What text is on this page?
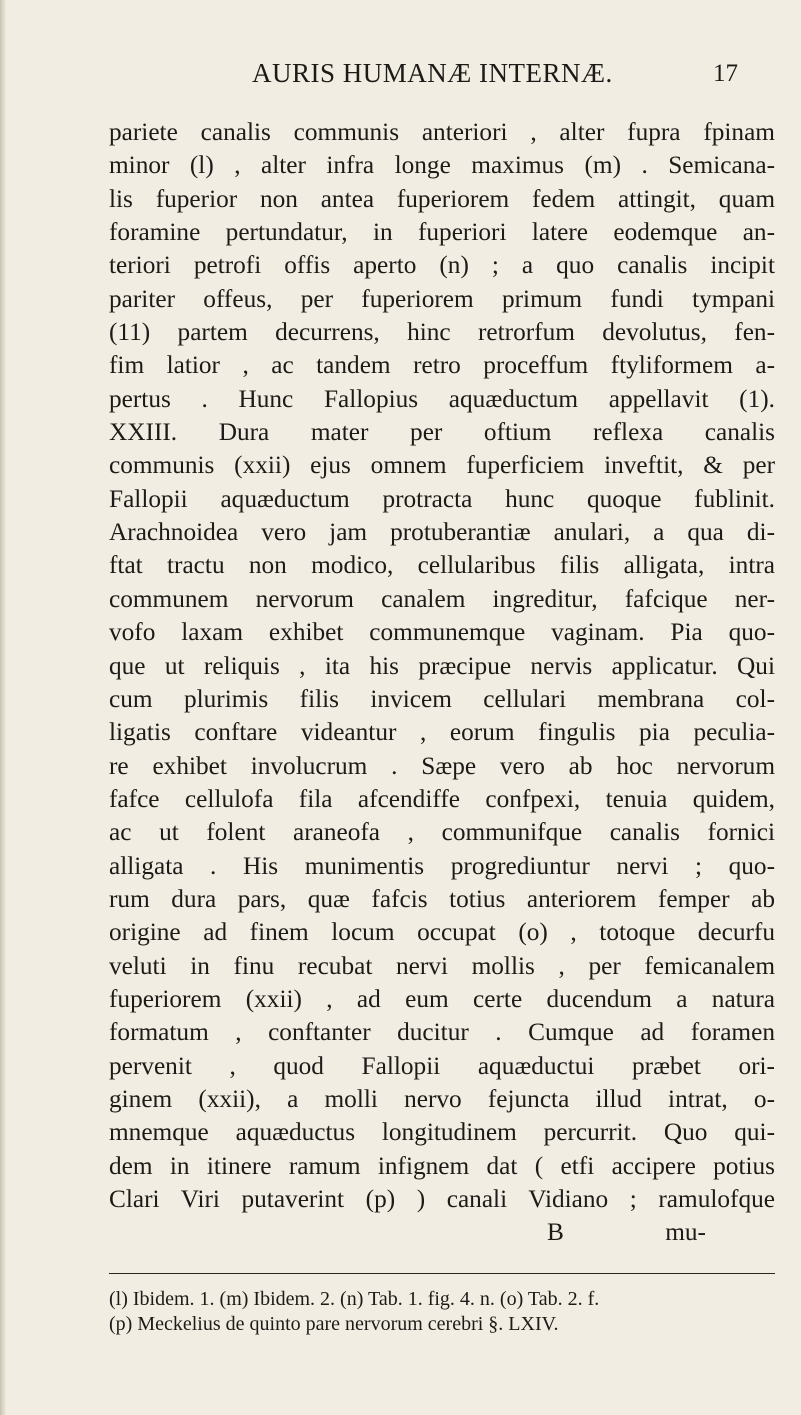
AURIS HUMANÆ INTERNÆ.	17
pariete canalis communis anteriori , alter fupra fpinam
minor (l) , alter infra longe maximus (m) . Semicana-
lis fuperior non antea fuperiorem fedem attingit, quam
foramine pertundatur, in fuperiori latere eodemque an-
teriori petrofi offis aperto (n) ; a quo canalis incipit
pariter offeus, per fuperiorem primum fundi tympani
(11) partem decurrens, hinc retrorfum devolutus, fen-
fim latior , ac tandem retro proceffum ftyliformem a-
pertus . Hunc Fallopius aquæductum appellavit (1).
XXIII. Dura mater per oftium reflexa canalis
communis (xxii) ejus omnem fuperficiem inveftit, & per
Fallopii aquæductum protracta hunc quoque fublinit.
Arachnoidea vero jam protuberantiæ anulari, a qua di-
ftat tractu non modico, cellularibus filis alligata, intra
communem nervorum canalem ingreditur, fafcique ner-
vofo laxam exhibet communemque vaginam. Pia quo-
que ut reliquis , ita his præcipue nervis applicatur. Qui
cum plurimis filis invicem cellulari membrana col-
ligatis conftare videantur , eorum fingulis pia peculia-
re exhibet involucrum . Sæpe vero ab hoc nervorum
fafce cellulofa fila afcendiffe confpexi, tenuia quidem,
ac ut folent araneofa , communifque canalis fornici
alligata . His munimentis progrediuntur nervi ; quo-
rum dura pars, quæ fafcis totius anteriorem femper ab
origine ad finem locum occupat (o) , totoque decurfu
veluti in finu recubat nervi mollis , per femicanalem
fuperiorem (xxii) , ad eum certe ducendum a natura
formatum , conftanter ducitur . Cumque ad foramen
pervenit , quod Fallopii aquæductui præbet ori-
ginem (xxii), a molli nervo fejuncta illud intrat, o-
mnemque aquæductus longitudinem percurrit. Quo qui-
dem in itinere ramum infignem dat ( etfi accipere potius
Clari Viri putaverint (p) ) canali Vidiano ; ramulofque
B	mu-
(l) Ibidem. 1. (m) Ibidem. 2. (n) Tab. 1. fig. 4. n. (o) Tab. 2. f.
(p) Meckelius de quinto pare nervorum cerebri §. LXIV.
